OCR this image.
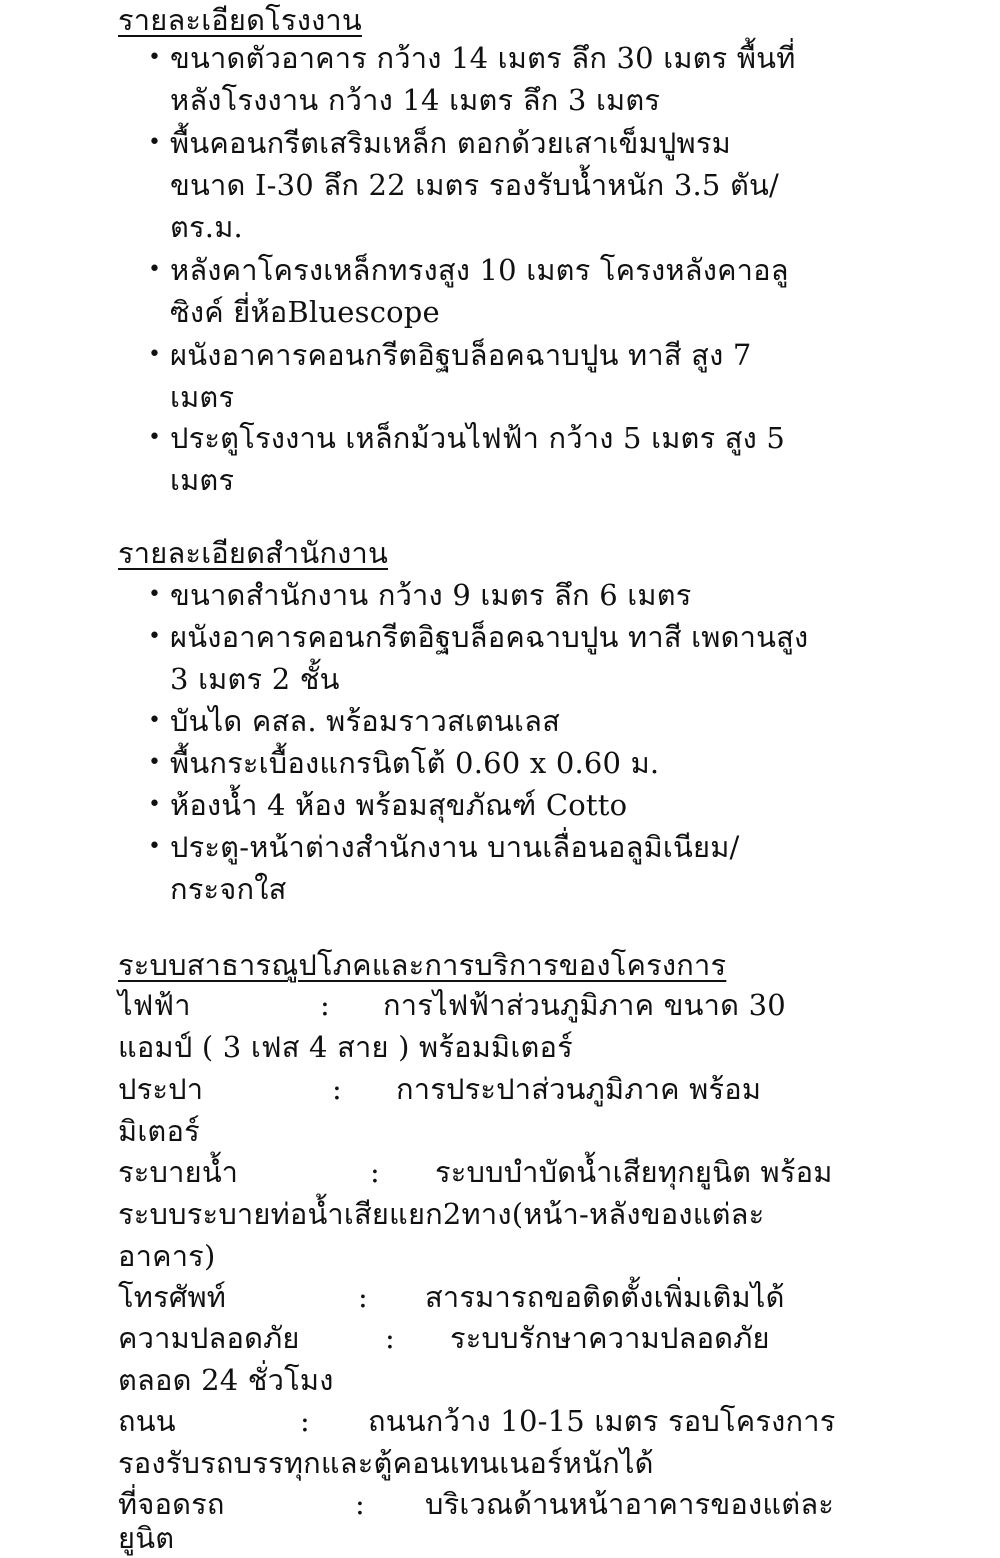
รายละเอียดโรงงาน
• ขนาดตัวอาคาร กว้าง 14 เมตร ลึก 30 เมตร พื้นที่
หลังโรงงาน กว้าง 14 เมตร ลึก 3 เมตร
• พื้นคอนกรีตเสริมเหล็ก ตอกด้วยเสาเข็มปูพรม
ขนาด I-30 ลึก 22 เมตร รองรับน้ำหนัก 3.5 ตัน/
ตร.ม.
• หลังคาโครงเหล็กทรงสูง 10 เมตร โครงหลังคาอลู
ซิงค์ ยี่ห้อBluescope
• ผนังอาคารคอนกรีตอิฐบล็อคฉาบปูน ทาสี สูง 7
เมตร
• ประตูโรงงาน เหล็กม้วนไฟฟ้า กว้าง 5 เมตร สูง 5
เมตร
รายละเอียดสำนักงาน
• ขนาดสำนักงาน กว้าง 9 เมตร ลึก 6 เมตร
• ผนังอาคารคอนกรีตอิฐบล็อคฉาบปูน ทาสี เพดานสูง
3 เมตร 2 ชั้น
• บันได คสล. พร้อมราวสเตนเลส
• พื้นกระเบื้องแกรนิตโต้ 0.60 x 0.60 ม.
• ห้องน้ำ 4 ห้อง พร้อมสุขภัณฑ์ Cotto
• ประตู-หน้าต่างสำนักงาน บานเลื่อนอลูมิเนียม/
กระจกใส
ระบบสาธารณูปโภคและการบริการของโครงการ
ไฟฟ้า	: การไฟฟ้าส่วนภูมิภาค ขนาด 30
แอมป์ ( 3 เฟส 4 สาย ) พร้อมมิเตอร์
ประปา	: การประปาส่วนภูมิภาค พร้อม
มิเตอร์
ระบายน้ำ	: ระบบบำบัดน้ำเสียทุกยูนิต พร้อม
ระบบระบายท่อน้ำเสียแยก2ทาง(หน้า-หลังของแต่ละ
อาคาร)
โทรศัพท์	: สารมารถขอติดตั้งเพิ่มเติมได้
ความปลอดภัย	: ระบบรักษาความปลอดภัย
ตลอด 24 ชั่วโมง
ถนน	: ถนนกว้าง 10-15 เมตร รอบโครงการ
รองรับรถบรรทุกและตู้คอนเทนเนอร์หนักได้
ที่จอดรถ	: บริเวณด้านหน้าอาคารของแต่ละ
ยูนิต
